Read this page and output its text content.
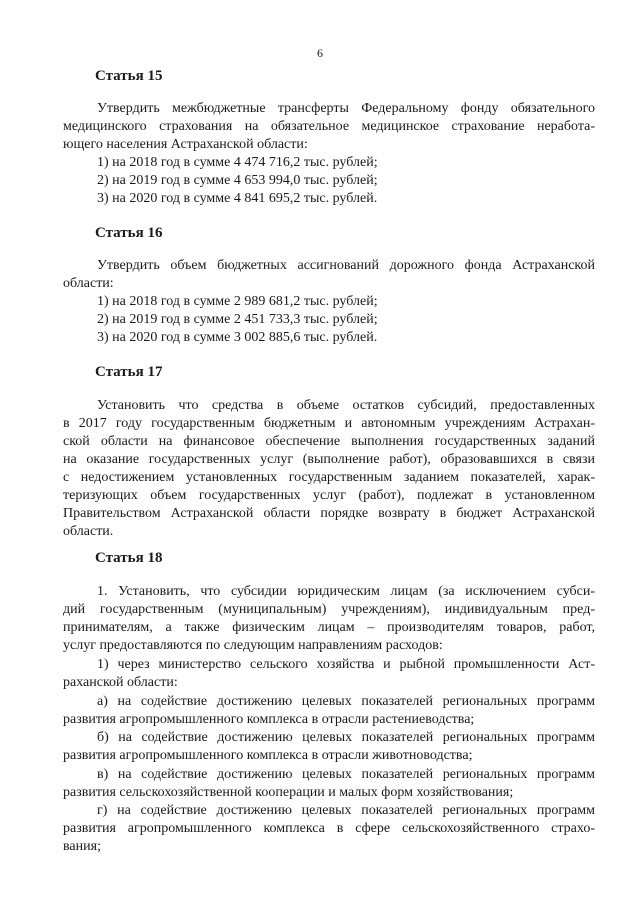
6
Статья 15
Утвердить межбюджетные трансферты Федеральному фонду обязательного
медицинского страхования на обязательное медицинское страхование неработа-
ющего населения Астраханской области:
1) на 2018 год в сумме 4 474 716,2 тыс. рублей;
2) на 2019 год в сумме 4 653 994,0 тыс. рублей;
3) на 2020 год в сумме 4 841 695,2 тыс. рублей.
Статья 16
Утвердить объем бюджетных ассигнований дорожного фонда Астраханской
области:
1) на 2018 год в сумме 2 989 681,2 тыс. рублей;
2) на 2019 год в сумме 2 451 733,3 тыс. рублей;
3) на 2020 год в сумме 3 002 885,6 тыс. рублей.
Статья 17
Установить что средства в объеме остатков субсидий, предоставленных
в 2017 году государственным бюджетным и автономным учреждениям Астрахан-
ской области на финансовое обеспечение выполнения государственных заданий
на оказание государственных услуг (выполнение работ), образовавшихся в связи
с недостижением установленных государственным заданием показателей, харак-
теризующих объем государственных услуг (работ), подлежат в установленном
Правительством Астраханской области порядке возврату в бюджет Астраханской
области.
Статья 18
1. Установить, что субсидии юридическим лицам (за исключением субси-
дий государственным (муниципальным) учреждениям), индивидуальным пред-
принимателям, а также физическим лицам – производителям товаров, работ,
услуг предоставляются по следующим направлениям расходов:
1) через министерство сельского хозяйства и рыбной промышленности Аст-
раханской области:
а) на содействие достижению целевых показателей региональных программ
развития агропромышленного комплекса в отрасли растениеводства;
б) на содействие достижению целевых показателей региональных программ
развития агропромышленного комплекса в отрасли животноводства;
в) на содействие достижению целевых показателей региональных программ
развития сельскохозяйственной кооперации и малых форм хозяйствования;
г) на содействие достижению целевых показателей региональных программ
развития агропромышленного комплекса в сфере сельскохозяйственного страхо-
вания;
